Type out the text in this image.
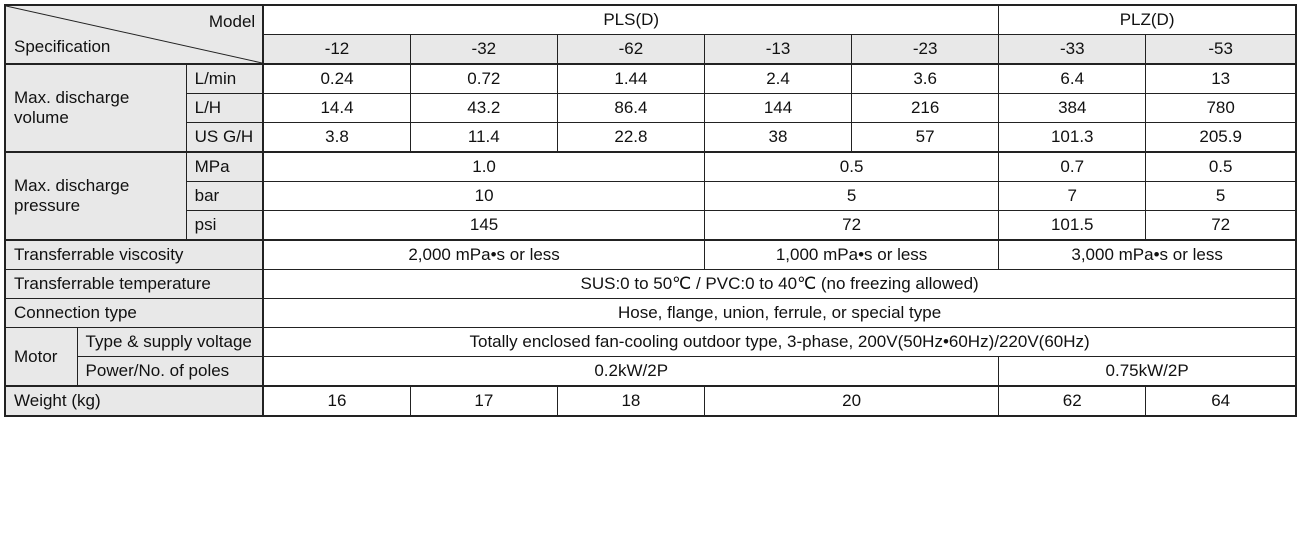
Model
Specification			PLS(D)					PLZ(D)	
			-12	-32	-62	-13	-23	-33	-53
Max. discharge volume		L/min	0.24	0.72	1.44	2.4	3.6	6.4	13
		L/H	14.4	43.2	86.4	144	216	384	780
		US G/H	3.8	11.4	22.8	38	57	101.3	205.9
Max. discharge pressure		MPa	1.0			0.5		0.7	0.5
		bar	10			5		7	5
		psi	145			72		101.5	72
Transferrable viscosity			2,000 mPa•s or less			1,000 mPa•s or less		3,000 mPa•s or less	
Transferrable temperature			SUS:0 to 50℃ / PVC:0 to 40℃ (no freezing allowed)						
Connection type			Hose, flange, union, ferrule, or special type						
Motor	Type & supply voltage		Totally enclosed fan-cooling outdoor type, 3-phase, 200V(50Hz•60Hz)/220V(60Hz)						
	Power/No. of poles		0.2kW/2P					0.75kW/2P	
Weight (kg)			16	17	18	20		62	64
